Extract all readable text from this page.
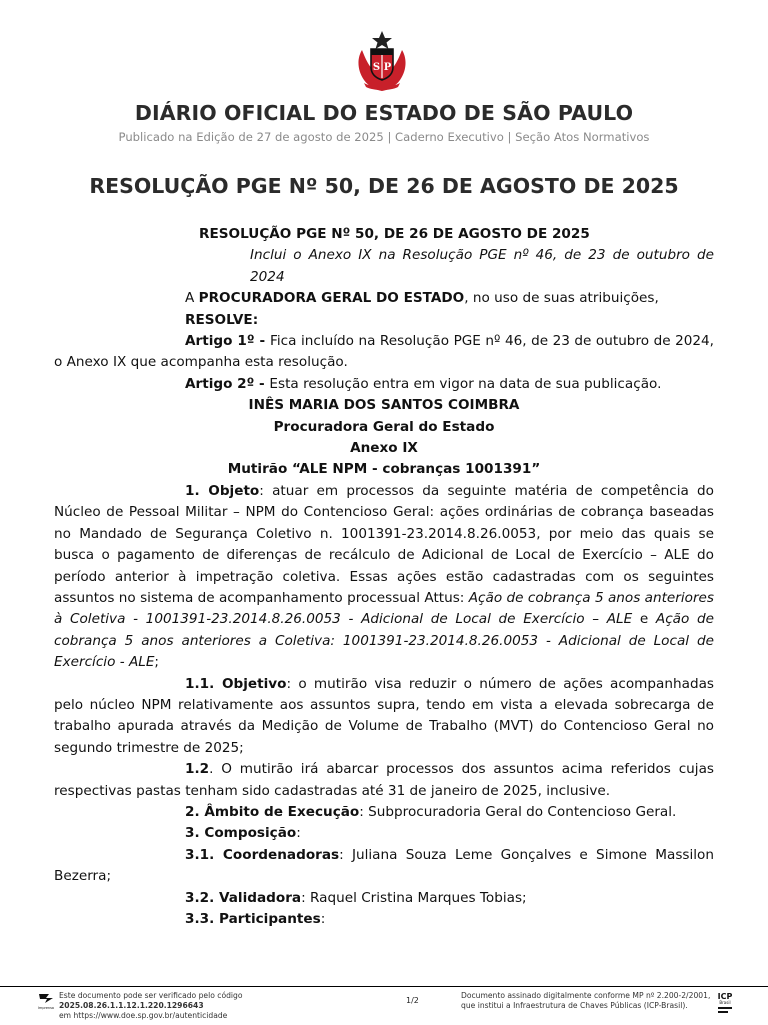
S P
DIÁRIO OFICIAL DO ESTADO DE SÃO PAULO
Publicado na Edição de 27 de agosto de 2025 | Caderno Executivo | Seção Atos Normativos
RESOLUÇÃO PGE Nº 50, DE 26 DE AGOSTO DE 2025

RESOLUÇÃO PGE Nº 50, DE 26 DE AGOSTO DE 2025

Inclui o Anexo IX na Resolução PGE nº 46, de 23 de outubro de 2024

A PROCURADORA GERAL DO ESTADO, no uso de suas atribuições,

RESOLVE:

Artigo 1º - Fica incluído na Resolução PGE nº 46, de 23 de outubro de 2024, o Anexo IX que acompanha esta resolução.

Artigo 2º - Esta resolução entra em vigor na data de sua publicação.

INÊS MARIA DOS SANTOS COIMBRA

Procuradora Geral do Estado

Anexo IX

Mutirão “ALE NPM - cobranças 1001391”

1. Objeto: atuar em processos da seguinte matéria de competência do Núcleo de Pessoal Militar – NPM do Contencioso Geral: ações ordinárias de cobrança baseadas no Mandado de Segurança Coletivo n. 1001391-23.2014.8.26.0053, por meio das quais se busca o pagamento de diferenças de recálculo de Adicional de Local de Exercício – ALE do período anterior à impetração coletiva. Essas ações estão cadastradas com os seguintes assuntos no sistema de acompanhamento processual Attus: Ação de cobrança 5 anos anteriores à Coletiva - 1001391-23.2014.8.26.0053 - Adicional de Local de Exercício – ALE e Ação de cobrança 5 anos anteriores a Coletiva: 1001391-23.2014.8.26.0053 - Adicional de Local de Exercício - ALE;

1.1. Objetivo: o mutirão visa reduzir o número de ações acompanhadas pelo núcleo NPM relativamente aos assuntos supra, tendo em vista a elevada sobrecarga de trabalho apurada através da Medição de Volume de Trabalho (MVT) do Contencioso Geral no segundo trimestre de 2025;

1.2. O mutirão irá abarcar processos dos assuntos acima referidos cujas respectivas pastas tenham sido cadastradas até 31 de janeiro de 2025, inclusive.

2. Âmbito de Execução: Subprocuradoria Geral do Contencioso Geral.

3. Composição:

3.1. Coordenadoras: Juliana Souza Leme Gonçalves e Simone Massilon Bezerra;

3.2. Validadora: Raquel Cristina Marques Tobias;

3.3. Participantes:

Imprensa
Este documento pode ser verificado pelo código 2025.08.26.1.1.12.1.220.1296643
em https://www.doe.sp.gov.br/autenticidade
1/2
Documento assinado digitalmente conforme MP nº 2.200-2/2001,
que institui a Infraestrutura de Chaves Públicas (ICP-Brasil).
ICP
Brasil
